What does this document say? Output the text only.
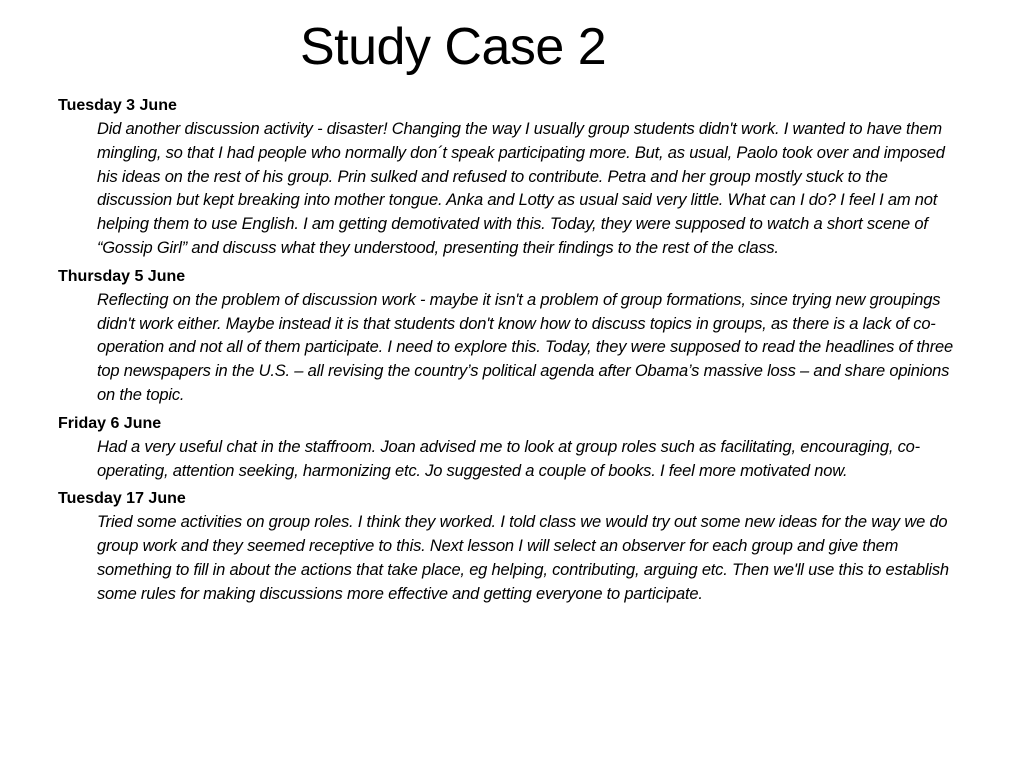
Study Case 2
Tuesday 3 June
Did another discussion activity - disaster! Changing the way I usually group students didn't work. I wanted to have them mingling, so that I had people who normally don´t speak participating more. But, as usual, Paolo took over and imposed his ideas on the rest of his group. Prin sulked and refused to contribute. Petra and her group mostly stuck to the discussion but kept breaking into mother tongue. Anka and Lotty as usual said very little. What can I do? I feel I am not helping them to use English. I am getting demotivated with this. Today, they were supposed to watch a short scene of “Gossip Girl” and discuss what they understood, presenting their findings to the rest of the class.
Thursday 5 June
Reflecting on the problem of discussion work - maybe it isn't a problem of group formations, since trying new groupings didn't work either. Maybe instead it is that students don't know how to discuss topics in groups, as there is a lack of co-operation and not all of them participate. I need to explore this. Today, they were supposed to read the headlines of three top newspapers in the U.S. – all revising the country’s political agenda after Obama’s massive loss – and share opinions on the topic.
Friday 6 June
Had a very useful chat in the staffroom. Joan advised me to look at group roles such as facilitating, encouraging, co-operating, attention seeking, harmonizing etc. Jo suggested a couple of books. I feel more motivated now.
Tuesday 17 June
Tried some activities on group roles. I think they worked. I told class we would try out some new ideas for the way we do group work and they seemed receptive to this. Next lesson I will select an observer for each group and give them something to fill in about the actions that take place, eg helping, contributing, arguing etc. Then we'll use this to establish some rules for making discussions more effective and getting everyone to participate.
